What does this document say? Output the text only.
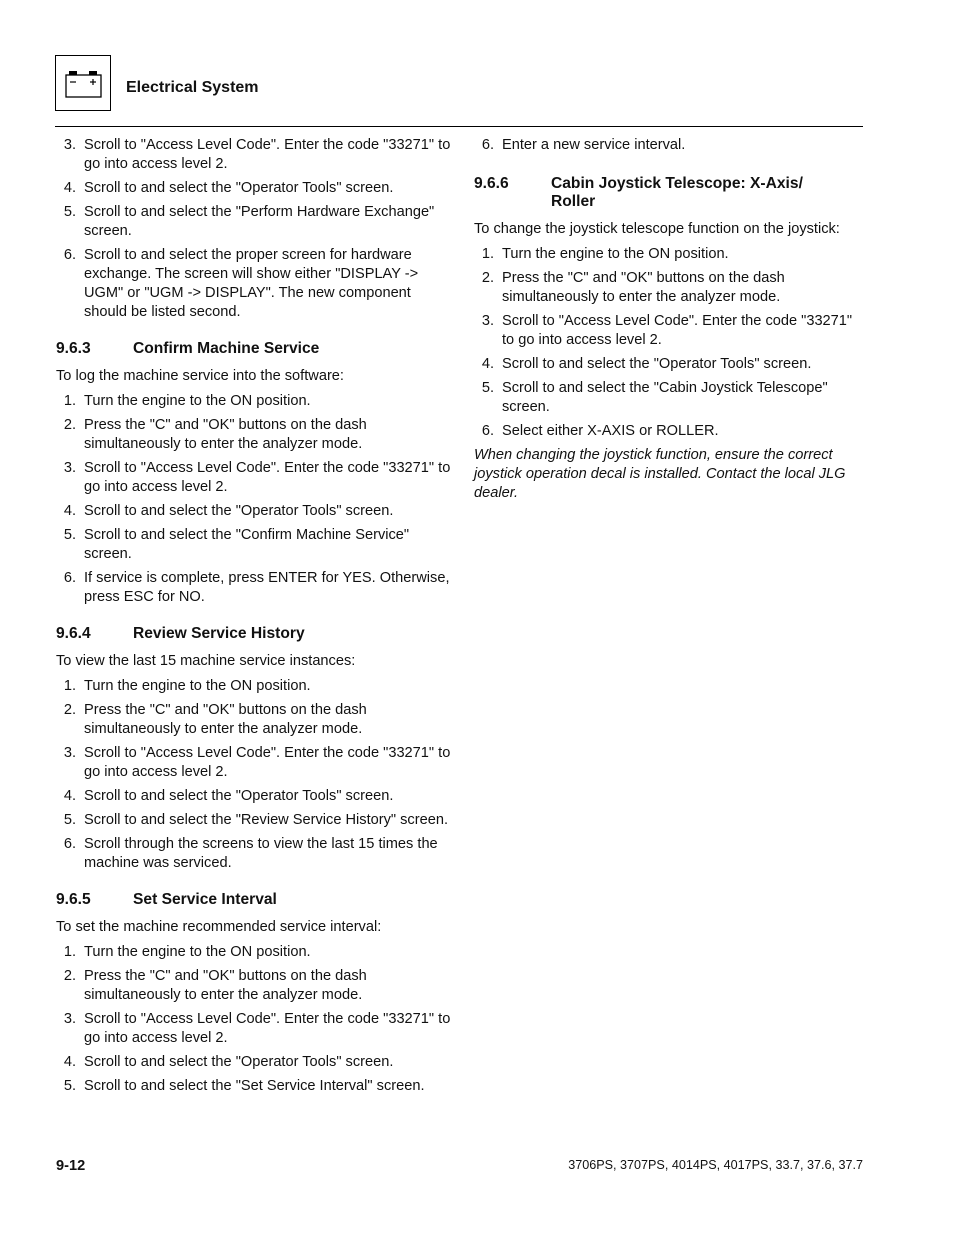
Electrical System
3. Scroll to "Access Level Code". Enter the code "33271" to go into access level 2.
4. Scroll to and select the "Operator Tools" screen.
5. Scroll to and select the "Perform Hardware Exchange" screen.
6. Scroll to and select the proper screen for hardware exchange. The screen will show either "DISPLAY -> UGM" or "UGM -> DISPLAY". The new component should be listed second.
9.6.3	Confirm Machine Service
To log the machine service into the software:
1. Turn the engine to the ON position.
2. Press the "C" and "OK" buttons on the dash simultaneously to enter the analyzer mode.
3. Scroll to "Access Level Code". Enter the code "33271" to go into access level 2.
4. Scroll to and select the "Operator Tools" screen.
5. Scroll to and select the "Confirm Machine Service" screen.
6. If service is complete, press ENTER for YES. Otherwise, press ESC for NO.
9.6.4	Review Service History
To view the last 15 machine service instances:
1. Turn the engine to the ON position.
2. Press the "C" and "OK" buttons on the dash simultaneously to enter the analyzer mode.
3. Scroll to "Access Level Code". Enter the code "33271" to go into access level 2.
4. Scroll to and select the "Operator Tools" screen.
5. Scroll to and select the "Review Service History" screen.
6. Scroll through the screens to view the last 15 times the machine was serviced.
9.6.5	Set Service Interval
To set the machine recommended service interval:
1. Turn the engine to the ON position.
2. Press the "C" and "OK" buttons on the dash simultaneously to enter the analyzer mode.
3. Scroll to "Access Level Code". Enter the code "33271" to go into access level 2.
4. Scroll to and select the "Operator Tools" screen.
5. Scroll to and select the "Set Service Interval" screen.
6. Enter a new service interval.
9.6.6	Cabin Joystick Telescope: X-Axis/ Roller
To change the joystick telescope function on the joystick:
1. Turn the engine to the ON position.
2. Press the "C" and "OK" buttons on the dash simultaneously to enter the analyzer mode.
3. Scroll to "Access Level Code". Enter the code "33271" to go into access level 2.
4. Scroll to and select the "Operator Tools" screen.
5. Scroll to and select the "Cabin Joystick Telescope" screen.
6. Select either X-AXIS or ROLLER.
When changing the joystick function, ensure the correct joystick operation decal is installed. Contact the local JLG dealer.
9-12	3706PS, 3707PS, 4014PS, 4017PS, 33.7, 37.6, 37.7
